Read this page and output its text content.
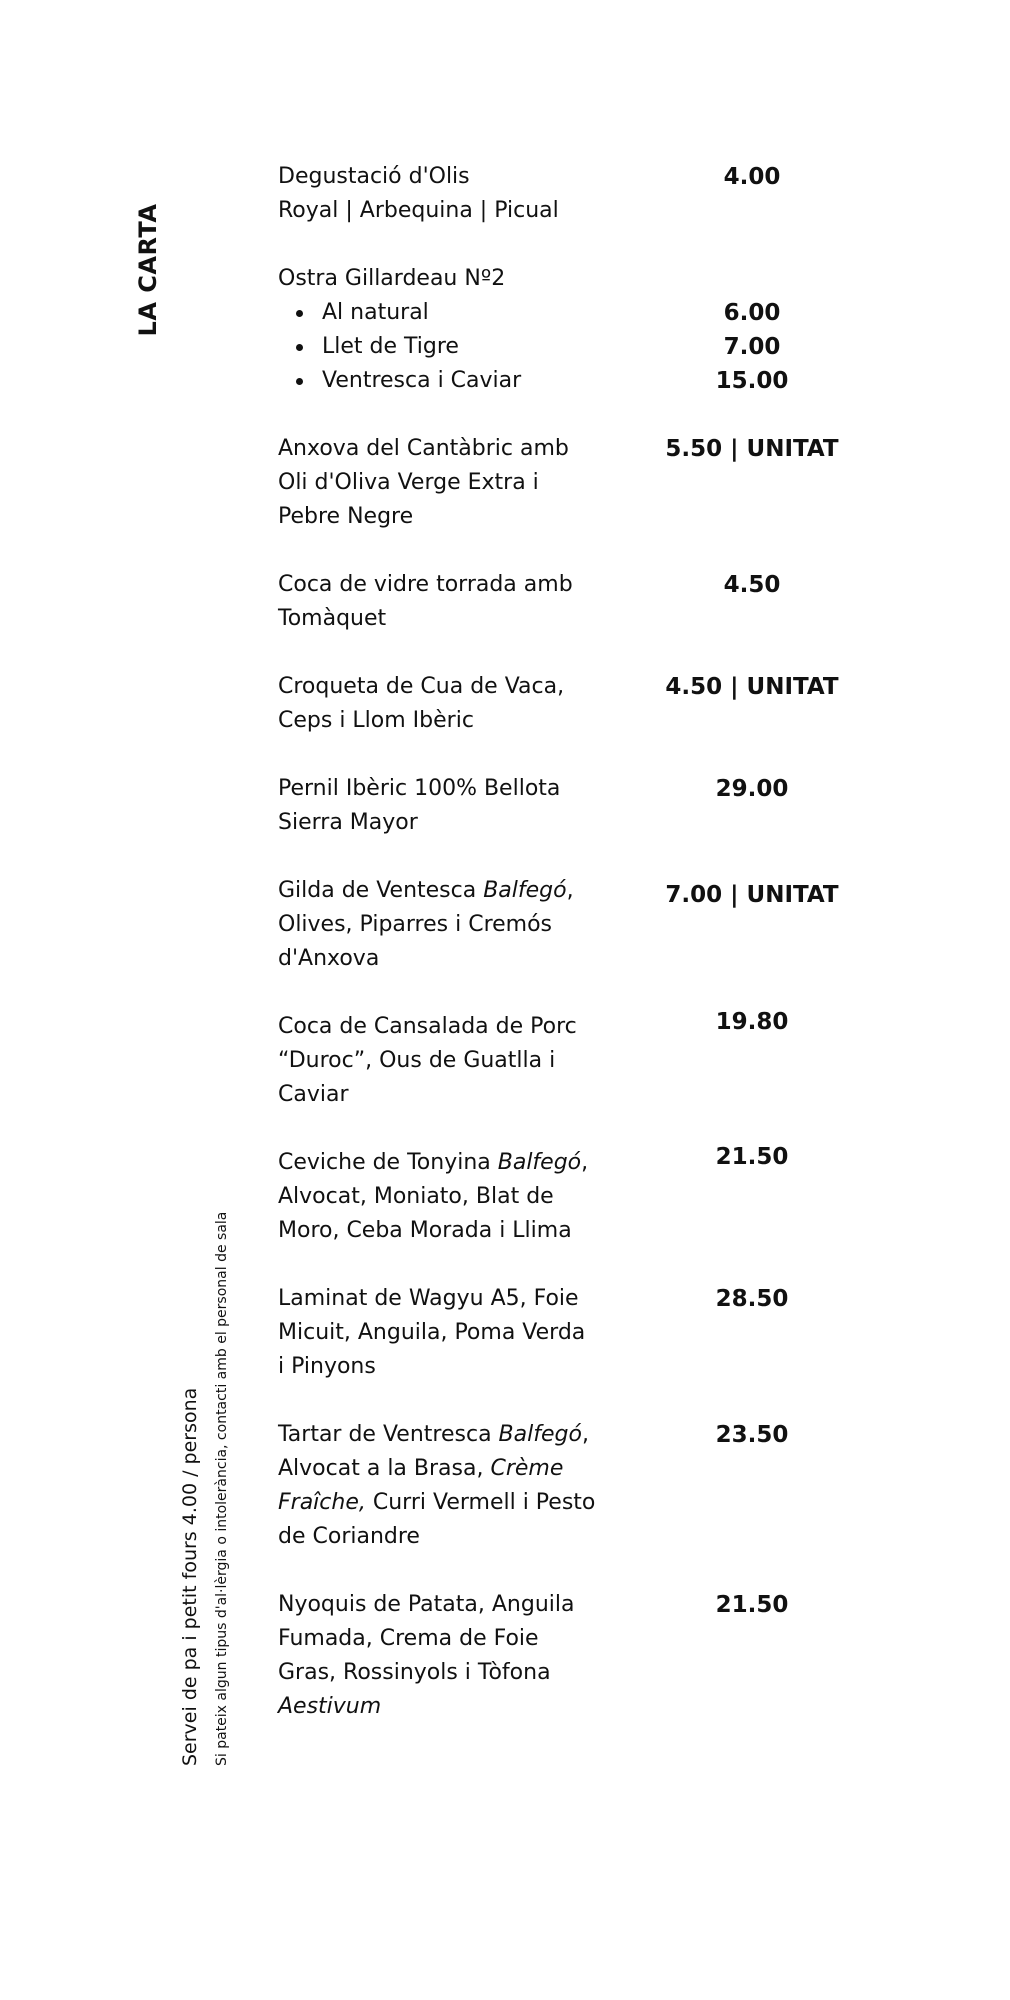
LA CARTA
Servei de pa i petit fours 4.00 / persona Si pateix algun tipus d'al·lèrgia o intolerància, contacti amb el personal de sala
Degustació d'Olis
Royal | Arbequina | Picual
4.00
Ostra Gillardeau Nº2
Al natural
Llet de Tigre
Ventresca i Caviar
6.00
7.00
15.00
Anxova del Cantàbric amb
Oli d'Oliva Verge Extra i
Pebre Negre
5.50 | UNITAT
Coca de vidre torrada amb
Tomàquet
4.50
Croqueta de Cua de Vaca,
Ceps i Llom Ibèric
4.50 | UNITAT
Pernil Ibèric 100% Bellota
Sierra Mayor
29.00
Gilda de Ventesca Balfegó,
Olives, Piparres i Cremós
d'Anxova
7.00 | UNITAT
Coca de Cansalada de Porc
“Duroc”, Ous de Guatlla i
Caviar
19.80
Ceviche de Tonyina Balfegó,
Alvocat, Moniato, Blat de
Moro, Ceba Morada i Llima
21.50
Laminat de Wagyu A5, Foie
Micuit, Anguila, Poma Verda
i Pinyons
28.50
Tartar de Ventresca Balfegó,
Alvocat a la Brasa, Crème
Fraîche, Curri Vermell i Pesto
de Coriandre
23.50
Nyoquis de Patata, Anguila
Fumada, Crema de Foie
Gras, Rossinyols i Tòfona
Aestivum
21.50
